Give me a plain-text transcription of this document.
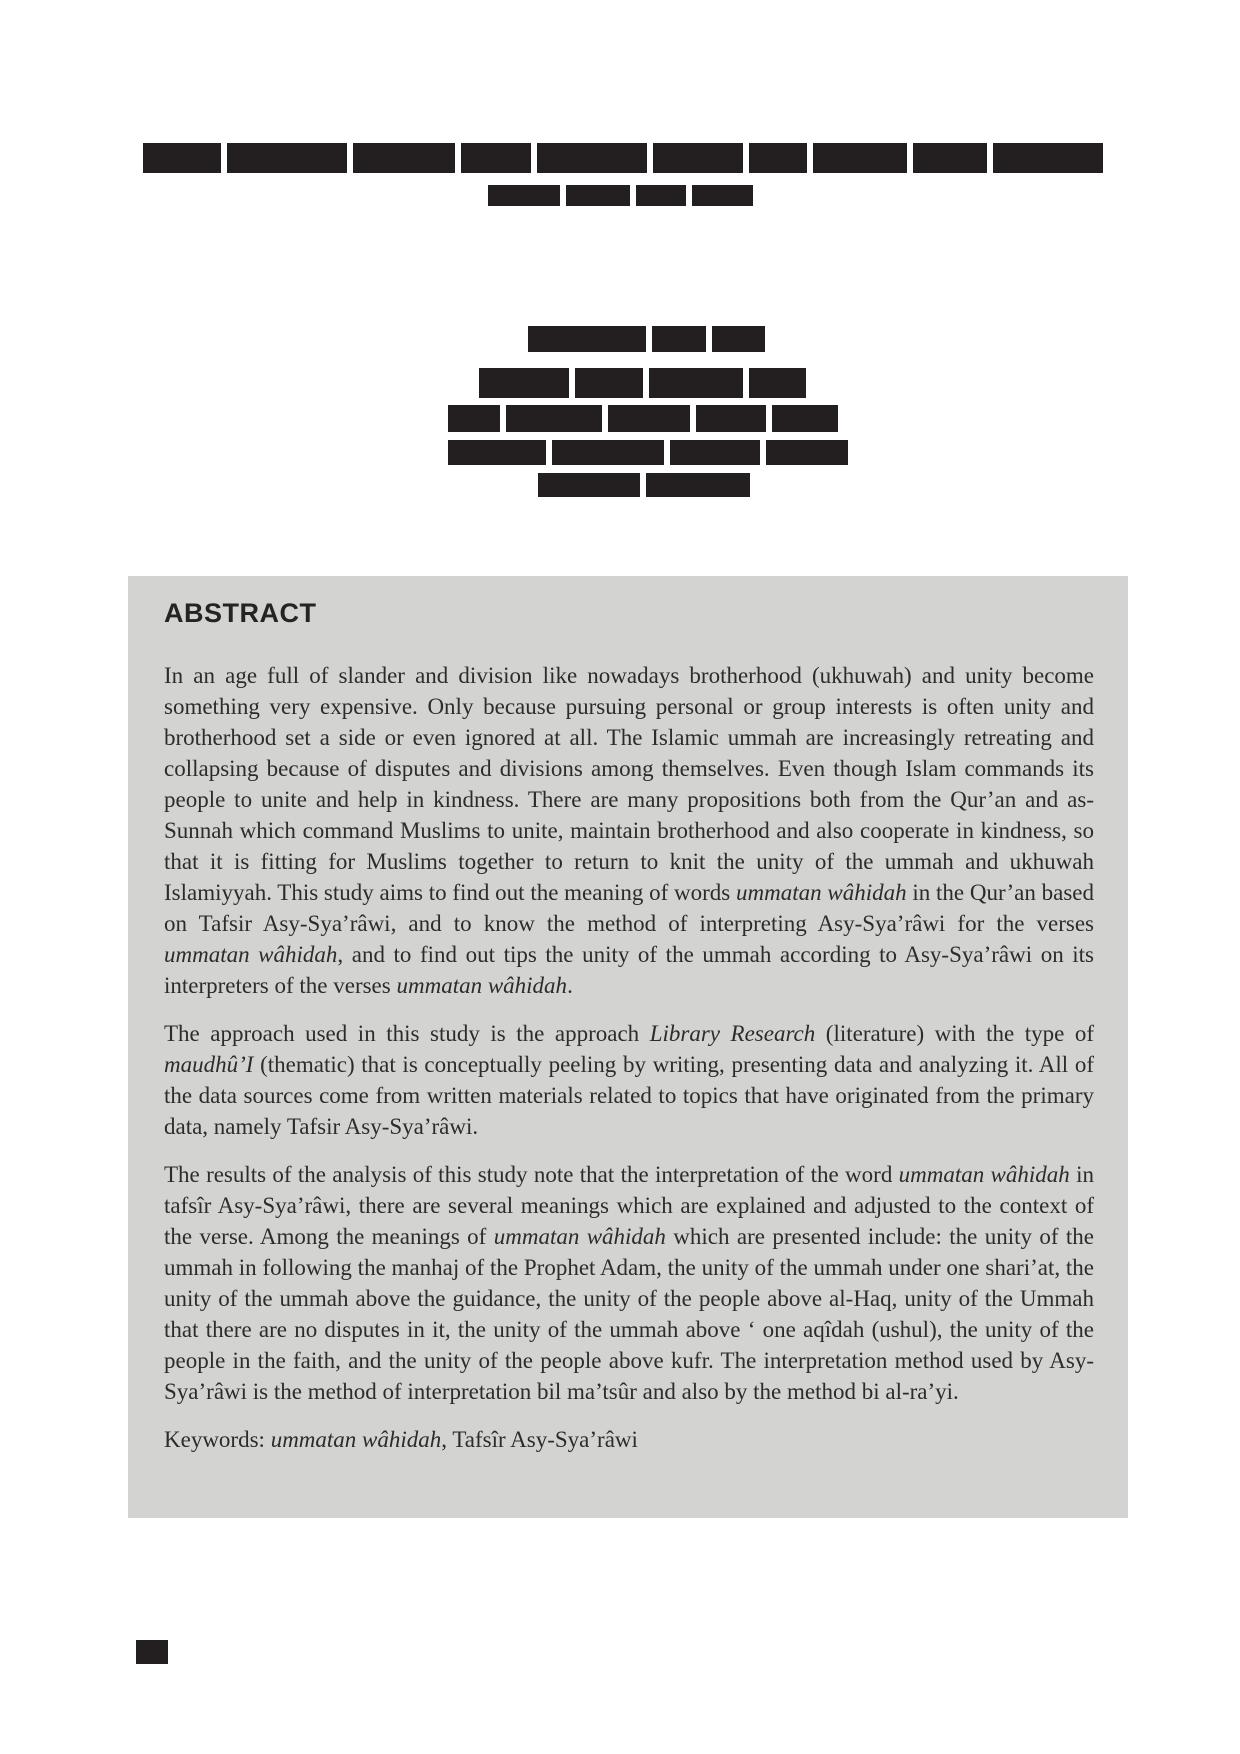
ABSTRACT

In an age full of slander and division like nowadays brotherhood (ukhuwah) and unity become something very expensive. Only because pursuing personal or group interests is often unity and brotherhood set a side or even ignored at all. The Islamic ummah are increasingly retreating and collapsing because of disputes and divisions among themselves. Even though Islam commands its people to unite and help in kindness. There are many propositions both from the Qur’an and as-Sunnah which command Muslims to unite, maintain brotherhood and also cooperate in kindness, so that it is fitting for Muslims together to return to knit the unity of the ummah and ukhuwah Islamiyyah. This study aims to find out the meaning of words ummatan wâhidah in the Qur’an based on Tafsir Asy-Sya’râwi, and to know the method of interpreting Asy-Sya’râwi for the verses ummatan wâhidah, and to find out tips the unity of the ummah according to Asy-Sya’râwi on its interpreters of the verses ummatan wâhidah.

The approach used in this study is the approach Library Research (literature) with the type of maudhû’I (thematic) that is conceptually peeling by writing, presenting data and analyzing it. All of the data sources come from written materials related to topics that have originated from the primary data, namely Tafsir Asy-Sya’râwi.

The results of the analysis of this study note that the interpretation of the word ummatan wâhidah in tafsîr Asy-Sya’râwi, there are several meanings which are explained and adjusted to the context of the verse. Among the meanings of ummatan wâhidah which are presented include: the unity of the ummah in following the manhaj of the Prophet Adam, the unity of the ummah under one shari’at, the unity of the ummah above the guidance, the unity of the people above al-Haq, unity of the Ummah that there are no disputes in it, the unity of the ummah above ‘ one aqîdah (ushul), the unity of the people in the faith, and the unity of the people above kufr. The interpretation method used by Asy-Sya’râwi is the method of interpretation bil ma’tsûr and also by the method bi al-ra’yi.

Keywords: ummatan wâhidah, Tafsîr Asy-Sya’râwi
